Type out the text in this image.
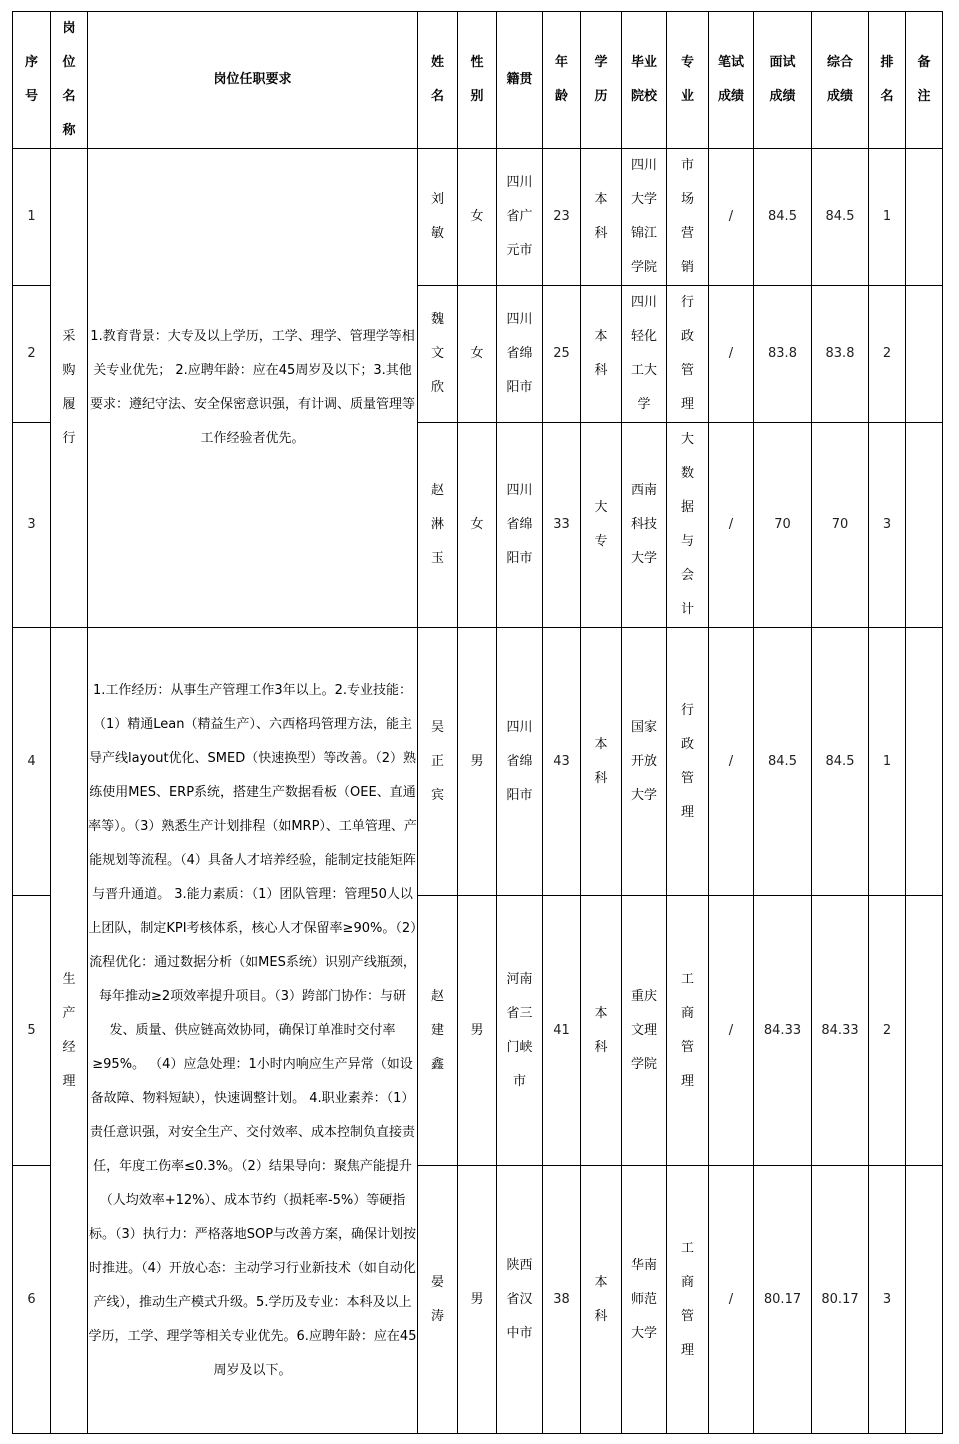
序号	岗位名称	岗位任职要求	姓名	性别	籍贯	年龄	学历	毕业院校	专业	笔试成绩	面试成绩	综合成绩	排名	备注
1	采购履行	1.教育背景：大专及以上学历，工学、理学、管理学等相关专业优先； 2.应聘年龄：应在45周岁及以下；3.其他要求：遵纪守法、安全保密意识强，有计调、质量管理等工作经验者优先。	刘敏	女	四川省广元市	23	本科	四川大学锦江学院	市场营销	/	84.5	84.5	1	
2			魏文欣	女	四川省绵阳市	25	本科	四川轻化工大学	行政管理	/	83.8	83.8	2	
3			赵淋玉	女	四川省绵阳市	33	大专	西南科技大学	大数据与会计	/	70	70	3	
4	生产经理	1.工作经历：从事生产管理工作3年以上。2.专业技能： （1）精通Lean（精益生产）、六西格玛管理方法，能主导产线layout优化、SMED（快速换型）等改善。（2）熟练使用MES、ERP系统，搭建生产数据看板（OEE、直通率等）。（3）熟悉生产计划排程（如MRP）、工单管理、产能规划等流程。（4）具备人才培养经验，能制定技能矩阵与晋升通道。 3.能力素质：（1）团队管理：管理50人以上团队，制定KPI考核体系，核心人才保留率≥90%。（2）流程优化：通过数据分析（如MES系统）识别产线瓶颈，每年推动≥2项效率提升项目。（3）跨部门协作：与研发、质量、供应链高效协同，确保订单准时交付率≥95%。 （4）应急处理：1小时内响应生产异常（如设备故障、物料短缺），快速调整计划。 4.职业素养：（1）责任意识强，对安全生产、交付效率、成本控制负直接责任，年度工伤率≤0.3%。（2）结果导向：聚焦产能提升（人均效率+12%）、成本节约（损耗率-5%）等硬指标。（3）执行力：严格落地SOP与改善方案，确保计划按时推进。（4）开放心态：主动学习行业新技术（如自动化产线），推动生产模式升级。5.学历及专业：本科及以上学历，工学、理学等相关专业优先。6.应聘年龄：应在45周岁及以下。	吴正宾	男	四川省绵阳市	43	本科	国家开放大学	行政管理	/	84.5	84.5	1	
5			赵建鑫	男	河南省三门峡市	41	本科	重庆文理学院	工商管理	/	84.33	84.33	2	
6			晏涛	男	陕西省汉中市	38	本科	华南师范大学	工商管理	/	80.17	80.17	3	
